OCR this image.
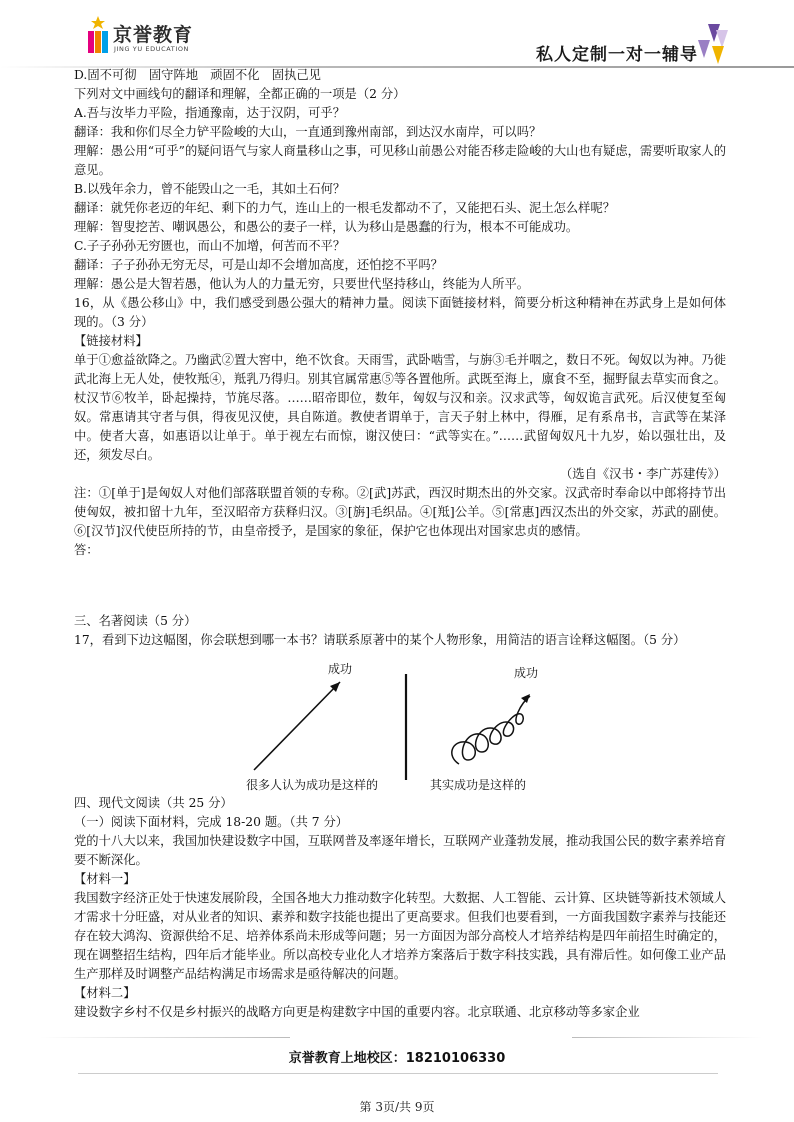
京誉教育
JING YU EDUCATION	私人定制一对一辅导

D.固不可彻　固守阵地　顽固不化　固执己见

下列对文中画线句的翻译和理解，全都正确的一项是（2 分）

A.吾与汝毕力平险，指通豫南，达于汉阴，可乎？

翻译：我和你们尽全力铲平险峻的大山，一直通到豫州南部，到达汉水南岸，可以吗？

理解：愚公用“可乎”的疑问语气与家人商量移山之事，可见移山前愚公对能否移走险峻的大山也有疑虑，需要听取家人的意见。

B.以残年余力，曾不能毁山之一毛，其如土石何？

翻译：就凭你老迈的年纪、剩下的力气，连山上的一根毛发都动不了，又能把石头、泥土怎么样呢？

理解：智叟挖苦、嘲讽愚公，和愚公的妻子一样，认为移山是愚蠢的行为，根本不可能成功。

C.子子孙孙无穷匮也，而山不加增，何苦而不平？

翻译：子子孙孙无穷无尽，可是山却不会增加高度，还怕挖不平吗？

理解：愚公是大智若愚，他认为人的力量无穷，只要世代坚持移山，终能为人所平。

16，从《愚公移山》中，我们感受到愚公强大的精神力量。阅读下面链接材料，简要分析这种精神在苏武身上是如何体现的。（3 分）

【链接材料】

单于①愈益欲降之。乃幽武②置大窖中，绝不饮食。天雨雪，武卧啮雪，与旃③毛并咽之，数日不死。匈奴以为神。乃徙武北海上无人处，使牧羝④，羝乳乃得归。别其官属常惠⑤等各置他所。武既至海上，廪食不至，掘野鼠去草实而食之。杖汉节⑥牧羊，卧起操持，节旄尽落。……昭帝即位，数年，匈奴与汉和亲。汉求武等，匈奴诡言武死。后汉使复至匈奴。常惠请其守者与俱，得夜见汉使，具自陈道。教使者谓单于，言天子射上林中，得雁，足有系帛书，言武等在某泽中。使者大喜，如惠语以让单于。单于视左右而惊，谢汉使曰：“武等实在。”……武留匈奴凡十九岁，始以强壮出，及还，须发尽白。

（选自《汉书・李广苏建传》）

注：①[单于]是匈奴人对他们部落联盟首领的专称。②[武]苏武，西汉时期杰出的外交家。汉武帝时奉命以中郎将持节出使匈奴，被扣留十九年，至汉昭帝方获释归汉。③[旃]毛织品。④[羝]公羊。⑤[常惠]西汉杰出的外交家，苏武的副使。⑥[汉节]汉代使臣所持的节，由皇帝授予，是国家的象征，保护它也体现出对国家忠贞的感情。

答：

三、名著阅读（5 分）

17，看到下边这幅图，你会联想到哪一本书？请联系原著中的某个人物形象，用简洁的语言诠释这幅图。（5 分）

成功	成功
很多人认为成功是这样的	其实成功是这样的

四、现代文阅读（共 25 分）

（一）阅读下面材料，完成 18-20 题。（共 7 分）

党的十八大以来，我国加快建设数字中国，互联网普及率逐年增长，互联网产业蓬勃发展，推动我国公民的数字素养培育要不断深化。

【材料一】

我国数字经济正处于快速发展阶段，全国各地大力推动数字化转型。大数据、人工智能、云计算、区块链等新技术领域人才需求十分旺盛，对从业者的知识、素养和数字技能也提出了更高要求。但我们也要看到，一方面我国数字素养与技能还存在较大鸿沟、资源供给不足、培养体系尚未形成等问题；另一方面因为部分高校人才培养结构是四年前招生时确定的，现在调整招生结构，四年后才能毕业。所以高校专业化人才培养方案落后于数字科技实践，具有滞后性。如何像工业产品生产那样及时调整产品结构满足市场需求是亟待解决的问题。

【材料二】

建设数字乡村不仅是乡村振兴的战略方向更是构建数字中国的重要内容。北京联通、北京移动等多家企业

京誉教育上地校区：18210106330
第 3页/共 9页
